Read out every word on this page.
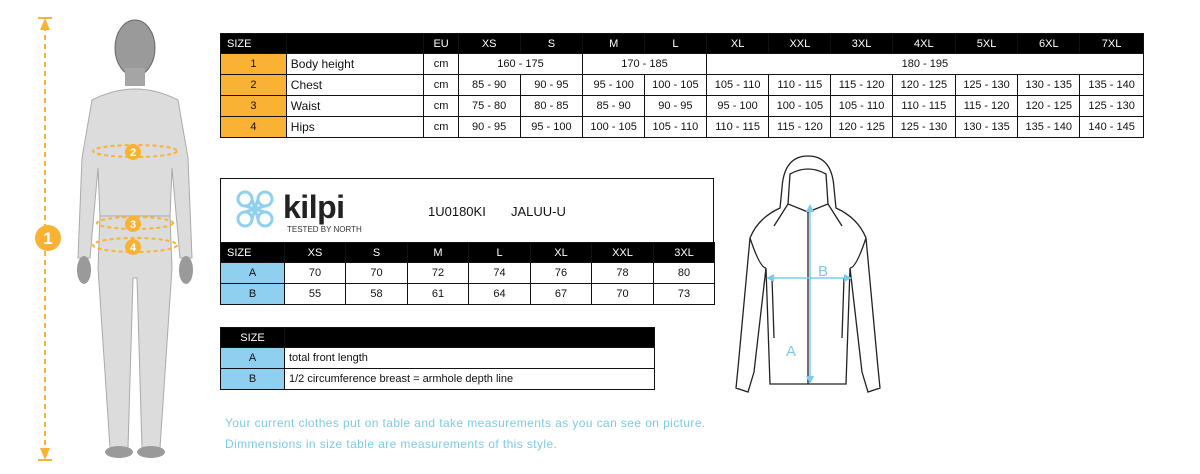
1
2
3
4
SIZE		EU	XS	S	M	L	XL	XXL	3XL	4XL	5XL	6XL	7XL
1	Body height	cm	160 - 175		170 - 185		180 - 195						
2	Chest	cm	85 - 90	90 - 95	95 - 100	100 - 105	105 - 110	110 - 115	115 - 120	120 - 125	125 - 130	130 - 135	135 - 140
3	Waist	cm	75 - 80	80 - 85	85 - 90	90 - 95	95 - 100	100 - 105	105 - 110	110 - 115	115 - 120	120 - 125	125 - 130
4	Hips	cm	90 - 95	95 - 100	100 - 105	105 - 110	110 - 115	115 - 120	120 - 125	125 - 130	130 - 135	135 - 140	140 - 145
kilpi
TESTED BY NORTH
1U0180KI JALUU-U
SIZE	XS	S	M	L	XL	XXL	3XL
A	70	70	72	74	76	78	80
B	55	58	61	64	67	70	73
SIZE	
A	total front length
B	1/2 circumference breast = armhole depth line
A
B
Your current clothes put on table and take measurements as you can see on picture.
Dimmensions in size table are measurements of this style.
